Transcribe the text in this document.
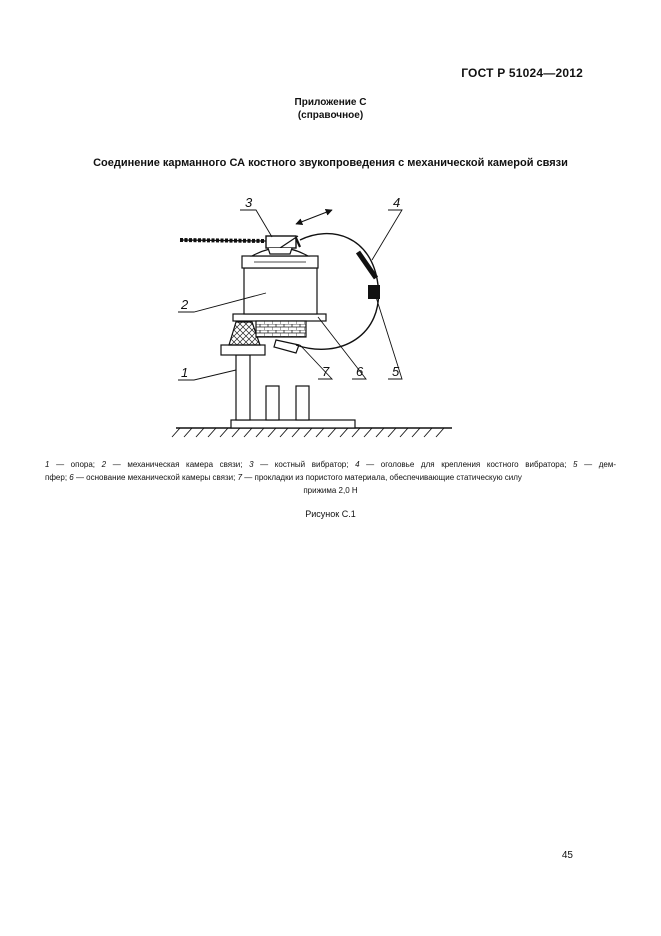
ГОСТ Р 51024—2012
Приложение С
(справочное)
Соединение карманного СА костного звукопроведения с механической камерой связи
3	4
2
1	7 6 5
1 — опора; 2 — механическая камера связи; 3 — костный вибратор; 4 — оголовье для крепления костного вибратора; 5 — дем-
пфер; 6 — основание механической камеры связи; 7 — прокладки из пористого материала, обеспечивающие статическую силу
прижима 2,0 Н
Рисунок С.1
45
